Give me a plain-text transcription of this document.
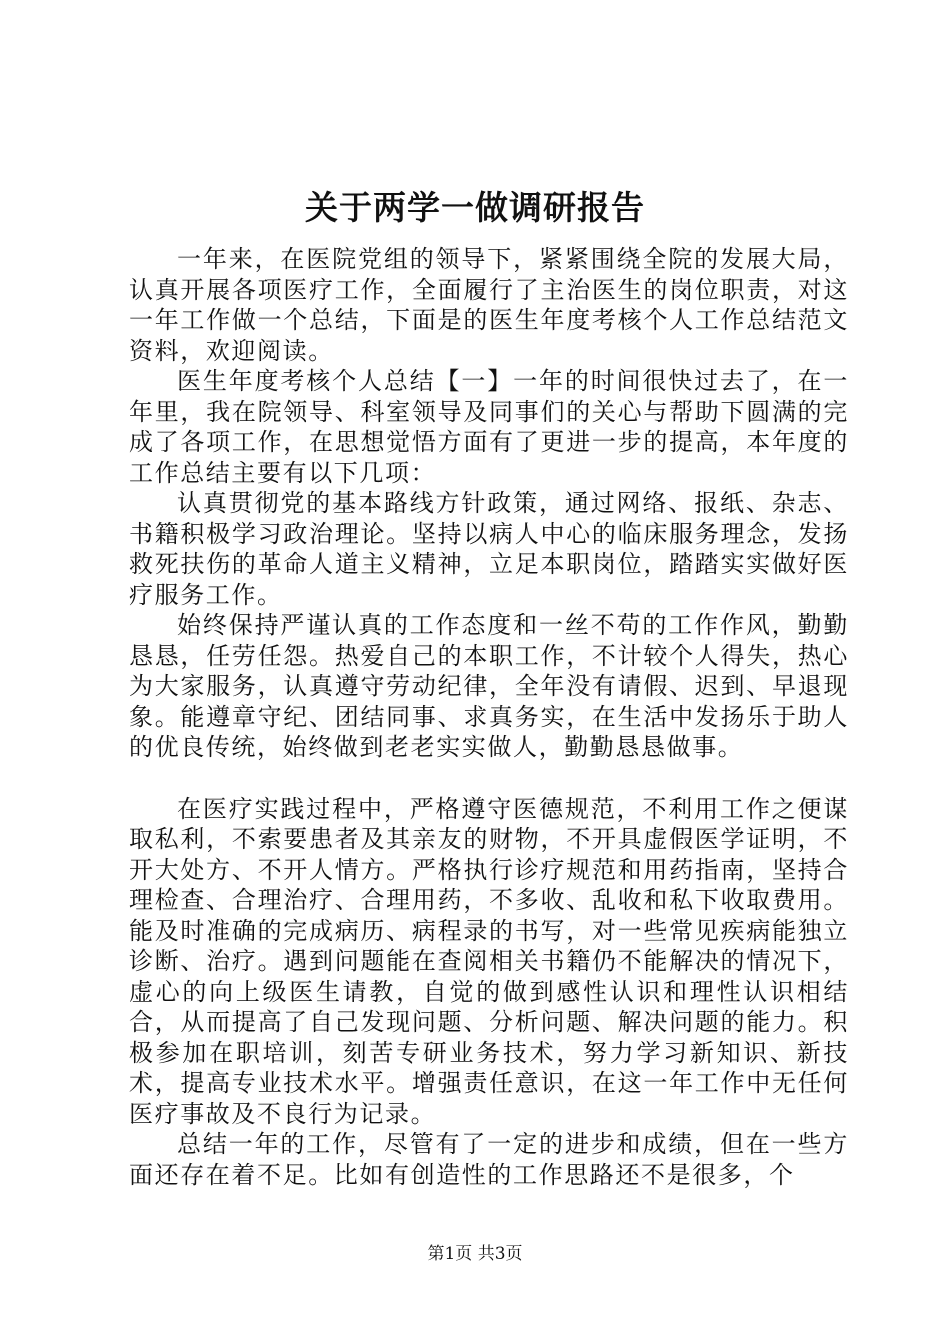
关于两学一做调研报告

一年来，在医院党组的领导下，紧紧围绕全院的发展大局，认真开展各项医疗工作，全面履行了主治医生的岗位职责，对这一年工作做一个总结，下面是的医生年度考核个人工作总结范文资料，欢迎阅读。

医生年度考核个人总结【一】一年的时间很快过去了，在一年里，我在院领导、科室领导及同事们的关心与帮助下圆满的完成了各项工作，在思想觉悟方面有了更进一步的提高，本年度的工作总结主要有以下几项：

认真贯彻党的基本路线方针政策，通过网络、报纸、杂志、书籍积极学习政治理论。坚持以病人中心的临床服务理念，发扬救死扶伤的革命人道主义精神，立足本职岗位，踏踏实实做好医疗服务工作。

始终保持严谨认真的工作态度和一丝不苟的工作作风，勤勤恳恳，任劳任怨。热爱自己的本职工作，不计较个人得失，热心为大家服务，认真遵守劳动纪律，全年没有请假、迟到、早退现象。能遵章守纪、团结同事、求真务实，在生活中发扬乐于助人的优良传统，始终做到老老实实做人，勤勤恳恳做事。

在医疗实践过程中，严格遵守医德规范，不利用工作之便谋取私利，不索要患者及其亲友的财物，不开具虚假医学证明，不开大处方、不开人情方。严格执行诊疗规范和用药指南，坚持合理检查、合理治疗、合理用药，不多收、乱收和私下收取费用。能及时准确的完成病历、病程录的书写，对一些常见疾病能独立诊断、治疗。遇到问题能在查阅相关书籍仍不能解决的情况下，虚心的向上级医生请教，自觉的做到感性认识和理性认识相结合，从而提高了自己发现问题、分析问题、解决问题的能力。积极参加在职培训，刻苦专研业务技术，努力学习新知识、新技术，提高专业技术水平。增强责任意识，在这一年工作中无任何医疗事故及不良行为记录。

总结一年的工作，尽管有了一定的进步和成绩，但在一些方面还存在着不足。比如有创造性的工作思路还不是很多，个

第1页 共3页
